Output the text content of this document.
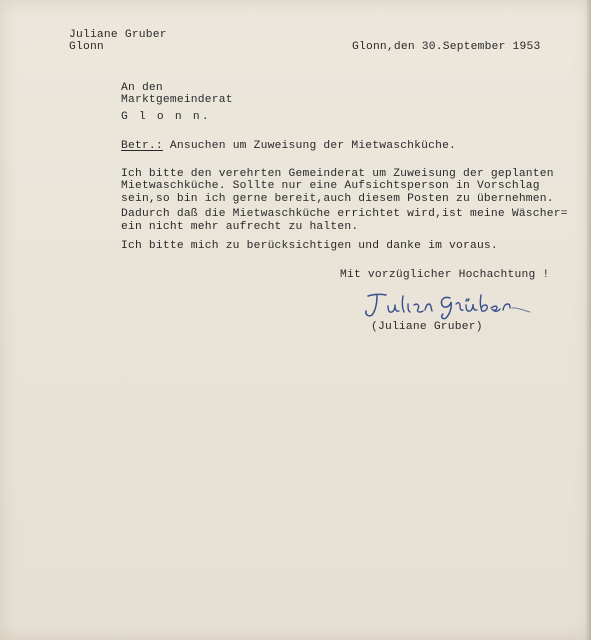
Juliane Gruber

Glonn	Glonn,den 30.September 1953

An den

Marktgemeinderat

G l o n n.

Betr.: Ansuchen um Zuweisung der Mietwaschküche.

Ich bitte den verehrten Gemeinderat um Zuweisung der geplanten

Mietwaschküche. Sollte nur eine Aufsichtsperson in Vorschlag

sein,so bin ich gerne bereit,auch diesem Posten zu übernehmen.

Dadurch daß die Mietwaschküche errichtet wird,ist meine Wäscher=

ein nicht mehr aufrecht zu halten.

Ich bitte mich zu berücksichtigen und danke im voraus.

Mit vorzüglicher Hochachtung !

(Juliane Gruber)
